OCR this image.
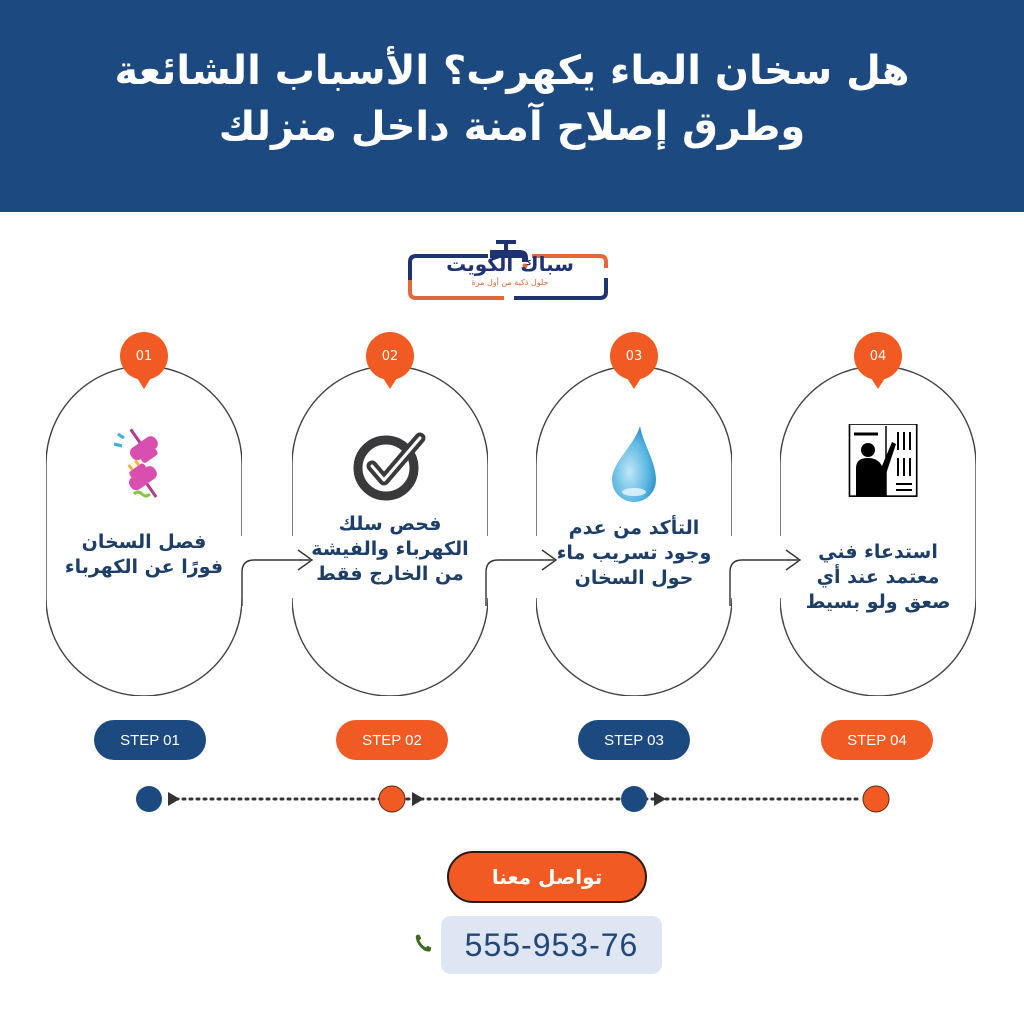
هل سخان الماء يكهرب؟ الأسباب الشائعة وطرق إصلاح آمنة داخل منزلك
سباك الكويت
حلول ذكية من أول مرة
01
فصل السخان فورًا عن الكهرباء
02
فحص سلك الكهرباء والفيشة من الخارج فقط
03
التأكد من عدم وجود تسريب ماء حول السخان
04
استدعاء فني معتمد عند أي صعق ولو بسيط
STEP 01	STEP 02	STEP 03	STEP 04
تواصل معنا
555-953-76
